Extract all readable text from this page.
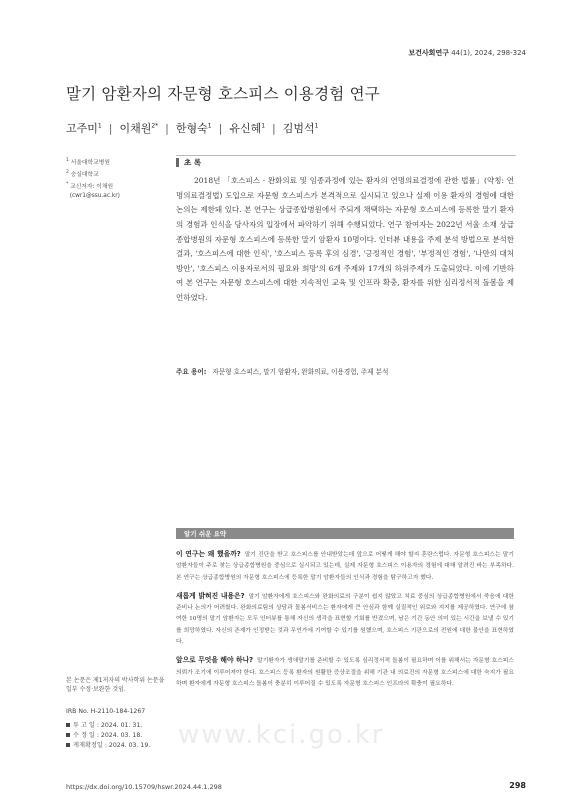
보건사회연구 44(1), 2024, 298-324
말기 암환자의 자문형 호스피스 이용경험 연구
고주미$^1$ | 이채원$^{2*}$ | 한형숙$^1$ | 유신혜$^1$ | 김범석$^1$
$^1$ 서울대학교병원
$^2$ 숭실대학교
* 교신저자: 이채원
(cwr1@ssu.ac.kr)
초 록

2018년 「호스피스 · 완화의료 및 임종과정에 있는 환자의 연명의료결정에 관한 법률」(약칭: 연명의료결정법) 도입으로 자문형 호스피스가 본격적으로 실시되고 있으나 실제 이용 환자의 경험에 대한 논의는 제한돼 있다. 본 연구는 상급종합병원에서 주되게 채택하는 자문형 호스피스에 등록한 말기 환자의 경험과 인식을 당사자의 입장에서 파악하기 위해 수행되었다. 연구 참여자는 2022년 서울 소재 상급종합병원의 자문형 호스피스에 등록한 말기 암환자 10명이다. 인터뷰 내용을 주제 분석 방법으로 분석한 결과, '호스피스에 대한 인식', '호스피스 등록 후의 심경', '긍정적인 경험', '부정적인 경험', '나만의 대처 방안', '호스피스 이용자로서의 필요와 희망'의 6개 주제와 17개의 하위주제가 도출되었다. 이에 기반하여 본 연구는 자문형 호스피스에 대한 지속적인 교육 및 인프라 확충, 환자를 위한 심리정서적 돌봄을 제언하였다.

주요 용어: 자문형 호스피스, 말기 암환자, 완화의료, 이용경험, 주제 분석
알기 쉬운 요약
www.kci.go.kr

이 연구는 왜 했을까? 말기 진단을 받고 호스피스를 안내받았는데 앞으로 어떻게 해야 할지 혼란스럽다. 자문형 호스피스는 말기 암환자들이 주로 찾는 상급종합병원을 중심으로 실시되고 있는데, 실제 자문형 호스피스 이용자의 경험에 대해 알려진 바는 부족하다. 본 연구는 상급종합병원의 자문형 호스피스에 등록한 말기 암환자들의 인식과 경험을 탐구하고자 했다.

새롭게 밝혀진 내용은? 말기 암환자에게 호스피스와 완화의료의 구분이 쉽지 않았고 치료 중심의 상급종합병원에서 죽음에 대한 준비나 논의가 어려웠다. 완화의료팀의 상담과 돌봄서비스는 환자에게 큰 안심과 함께 실질적인 위로와 지지를 제공하였다. 연구에 참여한 10명의 말기 암환자는 모두 인터뷰를 통해 자신의 생각을 표현할 기회를 반겼으며, 남은 기간 동안 의미 있는 시간을 보낼 수 있기를 희망하였다. 자신의 존재가 인정받는 것과 무언가에 기여할 수 있기를 원했으며, 호스피스 기관으로의 전원에 대한 불안을 표현하였다.

앞으로 무엇을 해야 하나? 말기환자가 생애말기를 준비할 수 있도록 심리정서적 돌봄이 필요하며 이를 위해서는 자문형 호스피스 의뢰가 조기에 이루어져야 한다. 호스피스 등록 환자의 원활한 증상조절을 위해 기관 내 의료진의 자문형 호스피스에 대한 숙지가 필요하며 환자에게 자문형 호스피스 돌봄이 충분히 이루어질 수 있도록 자문형 호스피스 인프라의 확충이 필요하다.

본 논문은 제1저자의 박사학위 논문을 일부 수정·보완한 것임.
IRB No. H-2110-184-1267
투 고 일 : 2024. 01. 31.
수 정 일 : 2024. 03. 18.
게재확정일 : 2024. 03. 19.
https://dx.doi.org/10.15709/hswr.2024.44.1.298	298
